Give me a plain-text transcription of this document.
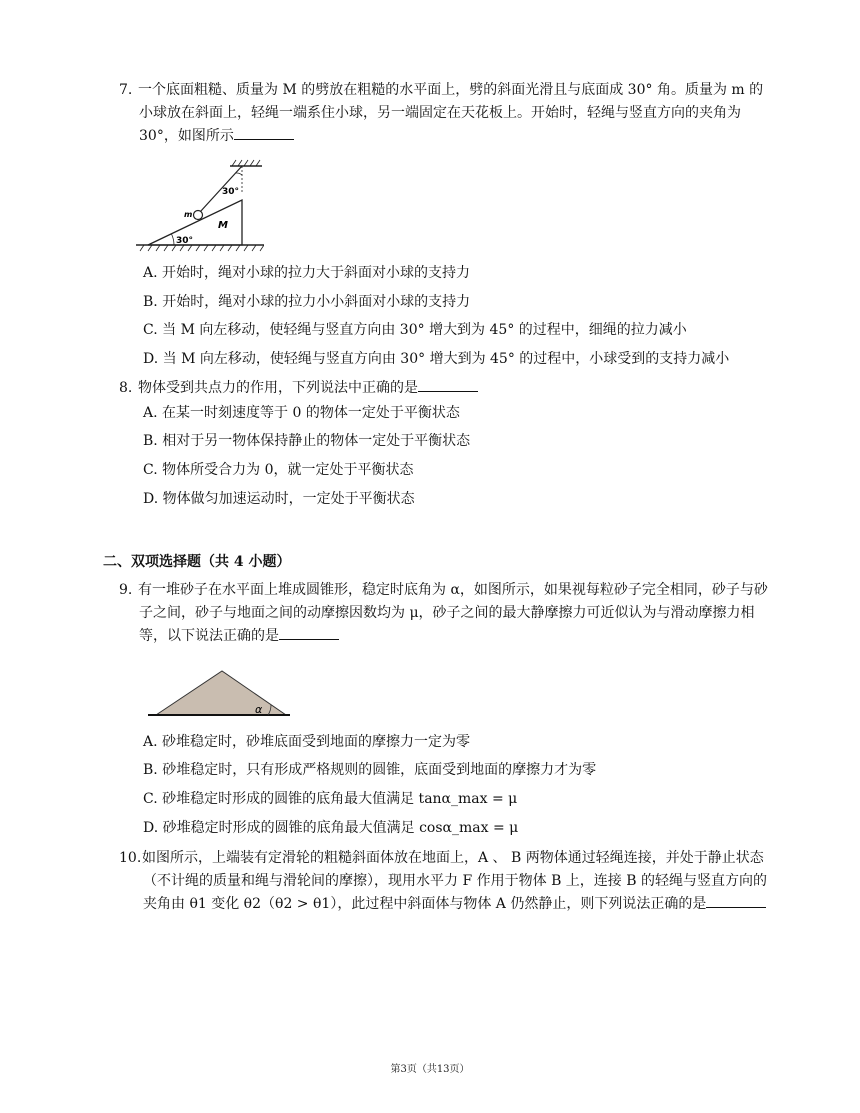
7. 一个底面粗糙、质量为 M 的劈放在粗糙的水平面上，劈的斜面光滑且与底面成 30° 角。质量为 m 的小球放在斜面上，轻绳一端系住小球，另一端固定在天花板上。开始时，轻绳与竖直方向的夹角为 30°，如图所示
30°
30°
m
M
A. 开始时，绳对小球的拉力大于斜面对小球的支持力
B. 开始时，绳对小球的拉力小小斜面对小球的支持力
C. 当 M 向左移动，使轻绳与竖直方向由 30° 增大到为 45° 的过程中，细绳的拉力减小
D. 当 M 向左移动，使轻绳与竖直方向由 30° 增大到为 45° 的过程中，小球受到的支持力减小
8. 物体受到共点力的作用，下列说法中正确的是
A. 在某一时刻速度等于 0 的物体一定处于平衡状态
B. 相对于另一物体保持静止的物体一定处于平衡状态
C. 物体所受合力为 0，就一定处于平衡状态
D. 物体做匀加速运动时，一定处于平衡状态
二、双项选择题（共 4 小题）
9. 有一堆砂子在水平面上堆成圆锥形，稳定时底角为 α，如图所示，如果视每粒砂子完全相同，砂子与砂子之间，砂子与地面之间的动摩擦因数均为 μ，砂子之间的最大静摩擦力可近似认为与滑动摩擦力相等，以下说法正确的是
α
A. 砂堆稳定时，砂堆底面受到地面的摩擦力一定为零
B. 砂堆稳定时，只有形成严格规则的圆锥，底面受到地面的摩擦力才为零
C. 砂堆稳定时形成的圆锥的底角最大值满足 tanα_max = μ
D. 砂堆稳定时形成的圆锥的底角最大值满足 cosα_max = μ
10. 如图所示，上端装有定滑轮的粗糙斜面体放在地面上，A 、 B 两物体通过轻绳连接，并处于静止状态（不计绳的质量和绳与滑轮间的摩擦），现用水平力 F 作用于物体 B 上，连接 B 的轻绳与竖直方向的夹角由 θ1 变化 θ2（θ2 > θ1），此过程中斜面体与物体 A 仍然静止，则下列说法正确的是
第3页（共13页）
